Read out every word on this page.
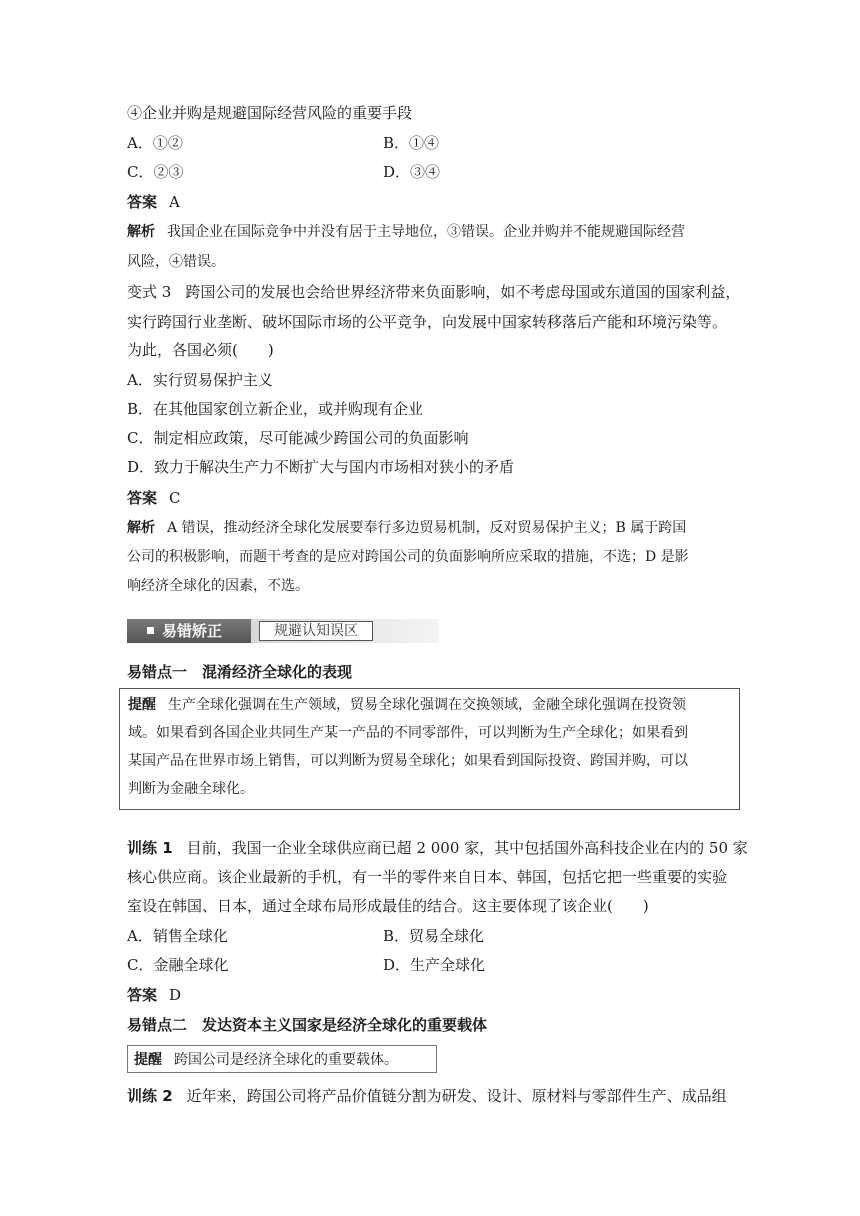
④企业并购是规避国际经营风险的重要手段
A．①②	B．①④
C．②③	D．③④
答案 A
解析 我国企业在国际竞争中并没有居于主导地位，③错误。企业并购并不能规避国际经营
风险，④错误。
变式 3 跨国公司的发展也会给世界经济带来负面影响，如不考虑母国或东道国的国家利益，
实行跨国行业垄断、破坏国际市场的公平竞争，向发展中国家转移落后产能和环境污染等。
为此，各国必须(　　)
A．实行贸易保护主义
B．在其他国家创立新企业，或并购现有企业
C．制定相应政策，尽可能减少跨国公司的负面影响
D．致力于解决生产力不断扩大与国内市场相对狭小的矛盾
答案 C
解析 A 错误，推动经济全球化发展要奉行多边贸易机制，反对贸易保护主义；B 属于跨国
公司的积极影响，而题干考查的是应对跨国公司的负面影响所应采取的措施，不选；D 是影
响经济全球化的因素，不选。
易错矫正	规避认知误区
易错点一　混淆经济全球化的表现
提醒 生产全球化强调在生产领域，贸易全球化强调在交换领域，金融全球化强调在投资领
域。如果看到各国企业共同生产某一产品的不同零部件，可以判断为生产全球化；如果看到
某国产品在世界市场上销售，可以判断为贸易全球化；如果看到国际投资、跨国并购，可以
判断为金融全球化。
训练 1 目前，我国一企业全球供应商已超 2 000 家，其中包括国外高科技企业在内的 50 家
核心供应商。该企业最新的手机，有一半的零件来自日本、韩国，包括它把一些重要的实验
室设在韩国、日本，通过全球布局形成最佳的结合。这主要体现了该企业(　　)
A．销售全球化	B．贸易全球化
C．金融全球化	D．生产全球化
答案 D
易错点二　发达资本主义国家是经济全球化的重要载体
提醒 跨国公司是经济全球化的重要载体。
训练 2 近年来，跨国公司将产品价值链分割为研发、设计、原材料与零部件生产、成品组
